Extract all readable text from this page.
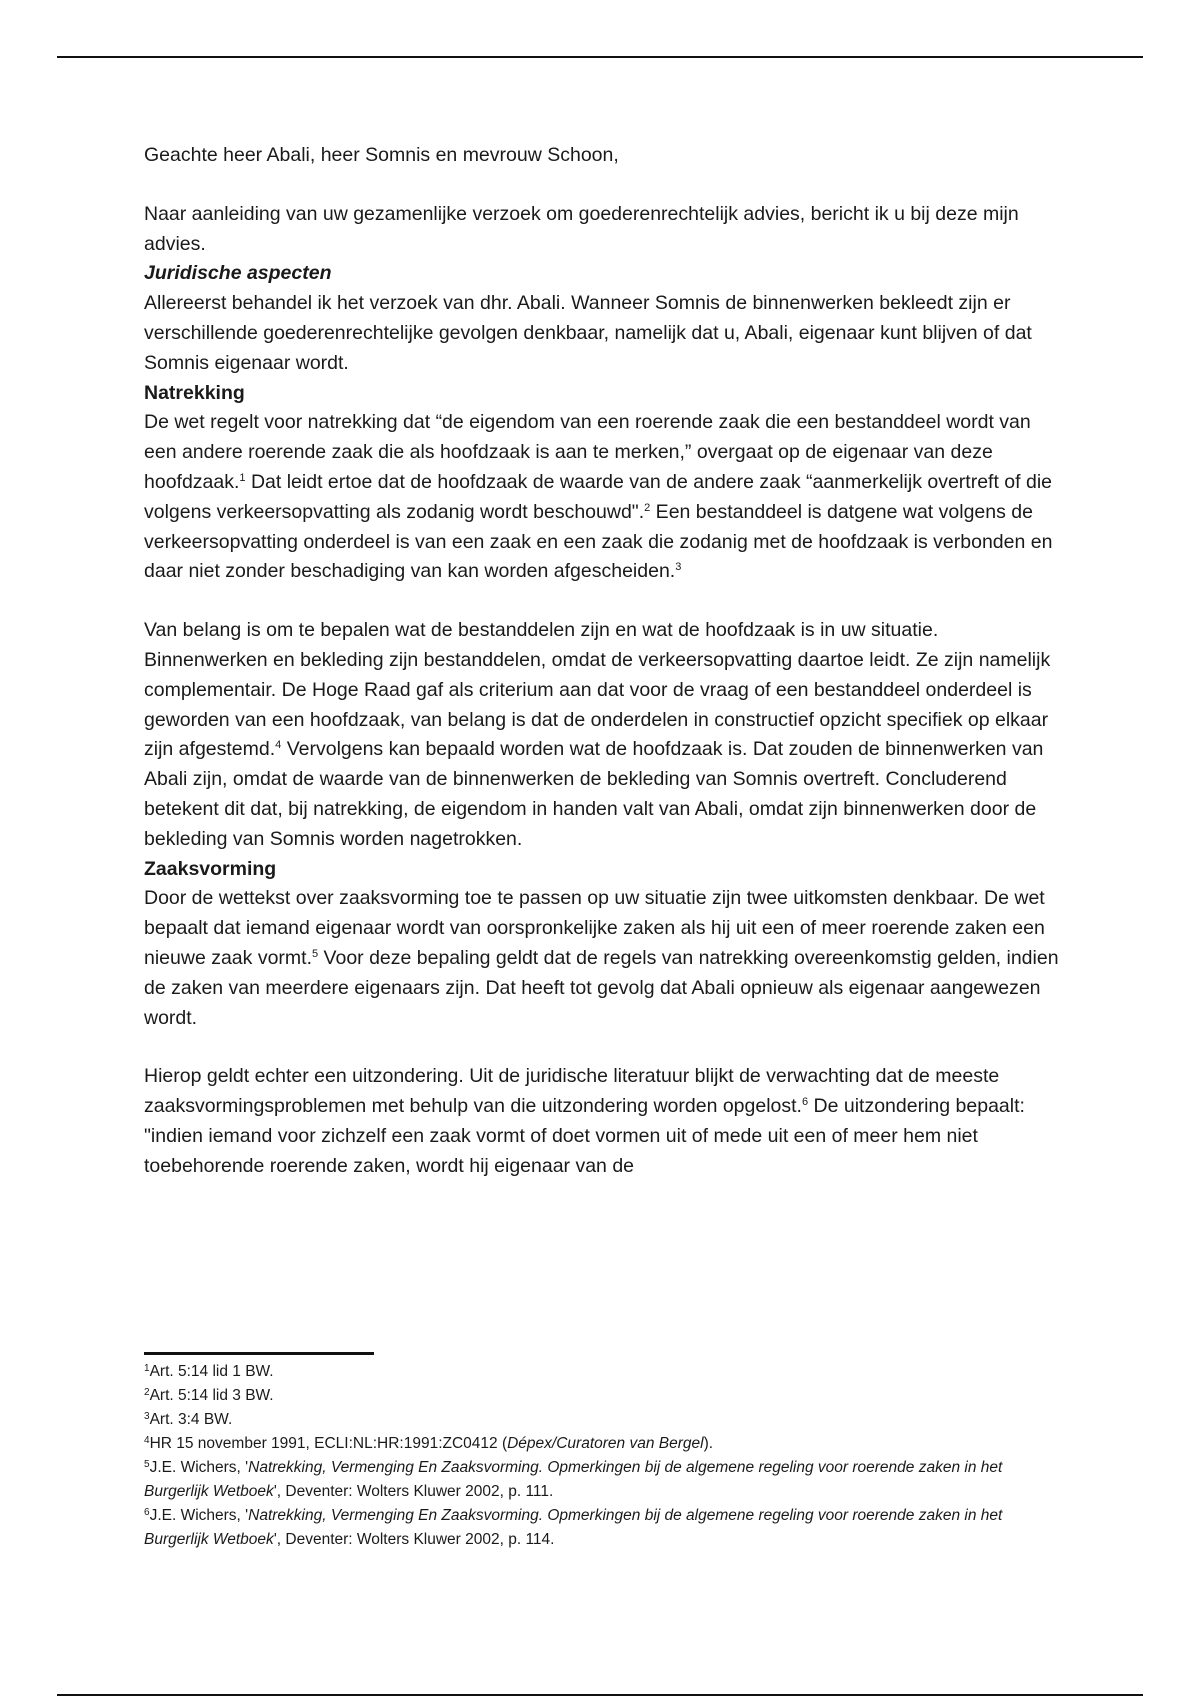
Geachte heer Abali, heer Somnis en mevrouw Schoon,

Naar aanleiding van uw gezamenlijke verzoek om goederenrechtelijk advies, bericht ik u bij deze mijn advies.

Juridische aspecten

Allereerst behandel ik het verzoek van dhr. Abali. Wanneer Somnis de binnenwerken bekleedt zijn er verschillende goederenrechtelijke gevolgen denkbaar, namelijk dat u, Abali, eigenaar kunt blijven of dat Somnis eigenaar wordt.

Natrekking

De wet regelt voor natrekking dat “de eigendom van een roerende zaak die een bestanddeel wordt van een andere roerende zaak die als hoofdzaak is aan te merken,” overgaat op de eigenaar van deze hoofdzaak.$^1$ Dat leidt ertoe dat de hoofdzaak de waarde van de andere zaak “aanmerkelijk overtreft of die volgens verkeersopvatting als zodanig wordt beschouwd".$^2$ Een bestanddeel is datgene wat volgens de verkeersopvatting onderdeel is van een zaak en een zaak die zodanig met de hoofdzaak is verbonden en daar niet zonder beschadiging van kan worden afgescheiden.$^3$

Van belang is om te bepalen wat de bestanddelen zijn en wat de hoofdzaak is in uw situatie. Binnenwerken en bekleding zijn bestanddelen, omdat de verkeersopvatting daartoe leidt. Ze zijn namelijk complementair. De Hoge Raad gaf als criterium aan dat voor de vraag of een bestanddeel onderdeel is geworden van een hoofdzaak, van belang is dat de onderdelen in constructief opzicht specifiek op elkaar zijn afgestemd.$^4$ Vervolgens kan bepaald worden wat de hoofdzaak is. Dat zouden de binnenwerken van Abali zijn, omdat de waarde van de binnenwerken de bekleding van Somnis overtreft. Concluderend betekent dit dat, bij natrekking, de eigendom in handen valt van Abali, omdat zijn binnenwerken door de bekleding van Somnis worden nagetrokken.

Zaaksvorming

Door de wettekst over zaaksvorming toe te passen op uw situatie zijn twee uitkomsten denkbaar. De wet bepaalt dat iemand eigenaar wordt van oorspronkelijke zaken als hij uit een of meer roerende zaken een nieuwe zaak vormt.$^5$ Voor deze bepaling geldt dat de regels van natrekking overeenkomstig gelden, indien de zaken van meerdere eigenaars zijn. Dat heeft tot gevolg dat Abali opnieuw als eigenaar aangewezen wordt.

Hierop geldt echter een uitzondering. Uit de juridische literatuur blijkt de verwachting dat de meeste zaaksvormingsproblemen met behulp van die uitzondering worden opgelost.$^6$ De uitzondering bepaalt: "indien iemand voor zichzelf een zaak vormt of doet vormen uit of mede uit een of meer hem niet toebehorende roerende zaken, wordt hij eigenaar van de

$^1$Art. 5:14 lid 1 BW.

$^2$Art. 5:14 lid 3 BW.

$^3$Art. 3:4 BW.

$^4$HR 15 november 1991, ECLI:NL:HR:1991:ZC0412 (Dépex/Curatoren van Bergel).

$^5$J.E. Wichers, 'Natrekking, Vermenging En Zaaksvorming. Opmerkingen bij de algemene regeling voor roerende zaken in het Burgerlijk Wetboek', Deventer: Wolters Kluwer 2002, p. 111.

$^6$J.E. Wichers, 'Natrekking, Vermenging En Zaaksvorming. Opmerkingen bij de algemene regeling voor roerende zaken in het Burgerlijk Wetboek', Deventer: Wolters Kluwer 2002, p. 114.
